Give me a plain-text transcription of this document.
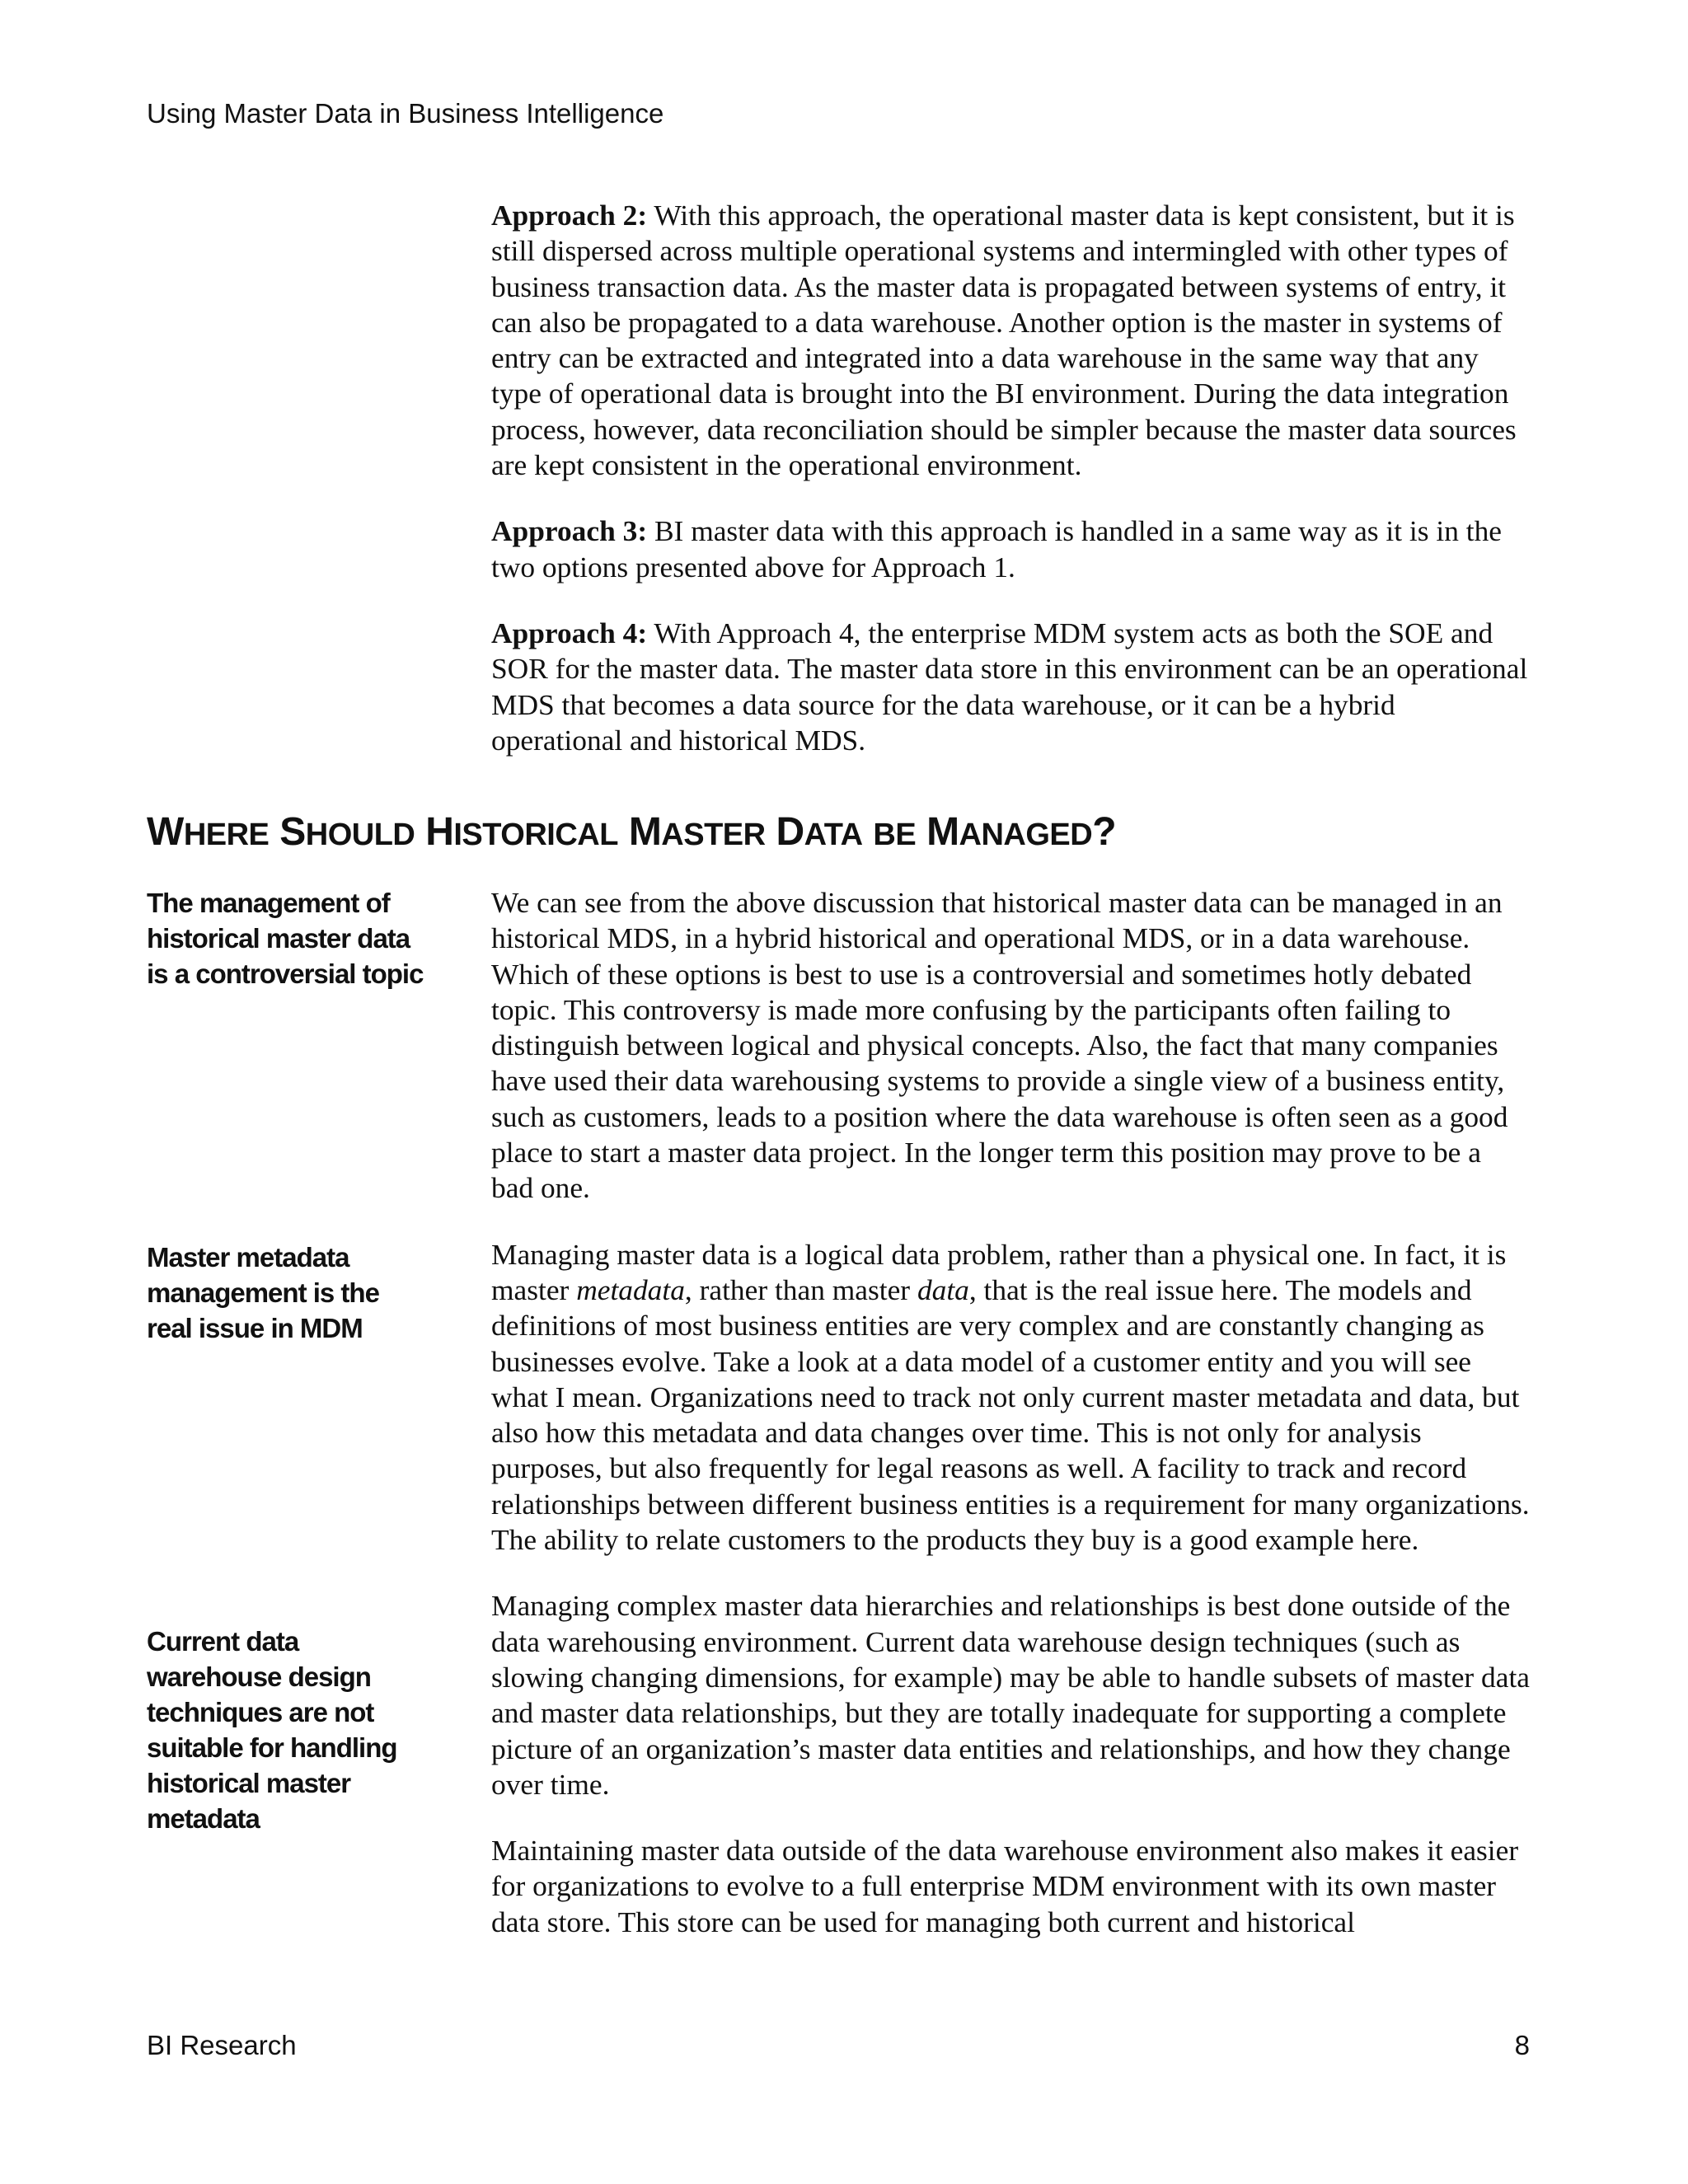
Using Master Data in Business Intelligence

Approach 2: With this approach, the operational master data is kept consistent, but it is still dispersed across multiple operational systems and intermingled with other types of business transaction data. As the master data is propagated between systems of entry, it can also be propagated to a data warehouse. Another option is the master in systems of entry can be extracted and integrated into a data warehouse in the same way that any type of operational data is brought into the BI environment. During the data integration process, however, data reconciliation should be simpler because the master data sources are kept consistent in the operational environment.

Approach 3: BI master data with this approach is handled in a same way as it is in the two options presented above for Approach 1.

Approach 4: With Approach 4, the enterprise MDM system acts as both the SOE and SOR for the master data. The master data store in this environment can be an operational MDS that becomes a data source for the data warehouse, or it can be a hybrid operational and historical MDS.

WHERE SHOULD HISTORICAL MASTER DATA BE MANAGED?

We can see from the above discussion that historical master data can be managed in an historical MDS, in a hybrid historical and operational MDS, or in a data warehouse. Which of these options is best to use is a controversial and sometimes hotly debated topic. This controversy is made more confusing by the participants often failing to distinguish between logical and physical concepts. Also, the fact that many companies have used their data warehousing systems to provide a single view of a business entity, such as customers, leads to a position where the data warehouse is often seen as a good place to start a master data project. In the longer term this position may prove to be a bad one.

Managing master data is a logical data problem, rather than a physical one. In fact, it is master metadata, rather than master data, that is the real issue here. The models and definitions of most business entities are very complex and are constantly changing as businesses evolve. Take a look at a data model of a customer entity and you will see what I mean. Organizations need to track not only current master metadata and data, but also how this metadata and data changes over time. This is not only for analysis purposes, but also frequently for legal reasons as well. A facility to track and record relationships between different business entities is a requirement for many organizations. The ability to relate customers to the products they buy is a good example here.

Managing complex master data hierarchies and relationships is best done outside of the data warehousing environment. Current data warehouse design techniques (such as slowing changing dimensions, for example) may be able to handle subsets of master data and master data relationships, but they are totally inadequate for supporting a complete picture of an organization’s master data entities and relationships, and how they change over time.

Maintaining master data outside of the data warehouse environment also makes it easier for organizations to evolve to a full enterprise MDM environment with its own master data store. This store can be used for managing both current and historical

The management of historical master data is a controversial topic
Master metadata management is the real issue in MDM
Current data warehouse design techniques are not suitable for handling historical master metadata
BI Research	8
